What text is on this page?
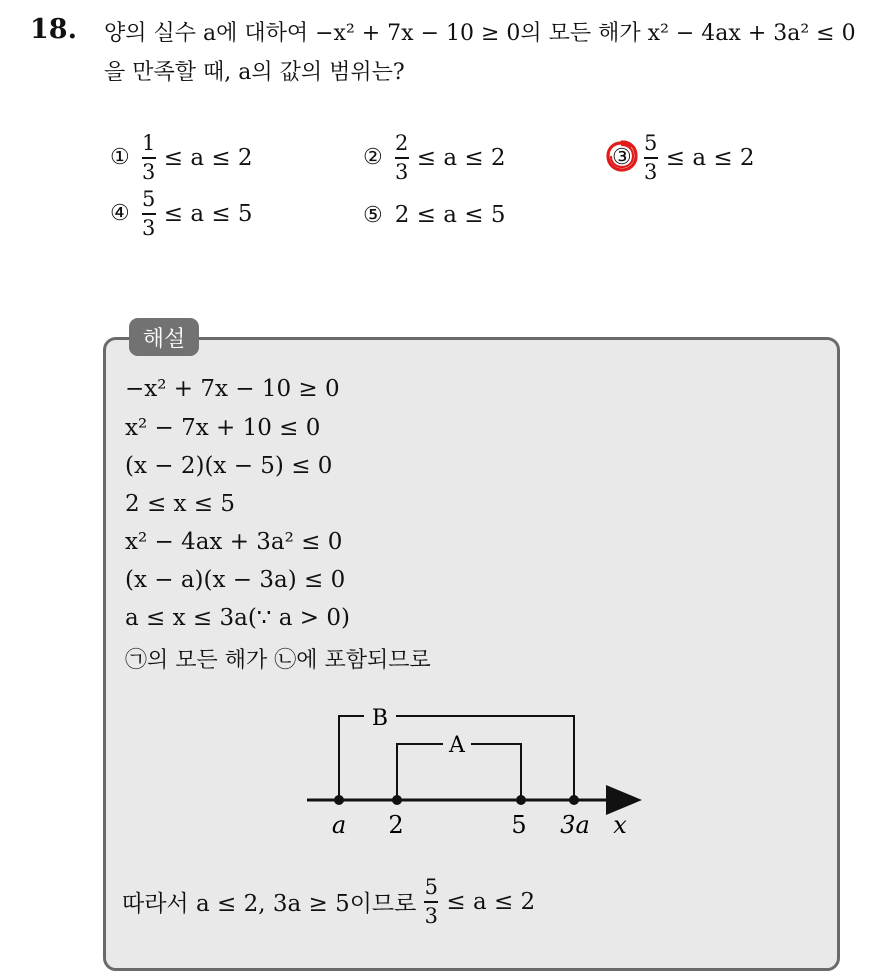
18. 양의 실수 a에 대하여 −x² + 7x − 10 ≥ 0의 모든 해가 x² − 4ax + 3a² ≤ 0
을 만족할 때, a의 값의 범위는?
① $\frac{1}{3} \le a \le 2$	② $\frac{2}{3} \le a \le 2$	③ $\frac{5}{3} \le a \le 2$
④ $\frac{5}{3} \le a \le 5$	⑤ 2 ≤ a ≤ 5
해설
−x² + 7x − 10 ≥ 0
x² − 7x + 10 ≤ 0
(x − 2)(x − 5) ≤ 0
2 ≤ x ≤ 5
x² − 4ax + 3a² ≤ 0
(x − a)(x − 3a) ≤ 0
a ≤ x ≤ 3a(∵ a > 0)
㉠의 모든 해가 ㉡에 포함되므로
B
A
a 2	5 3a x
따라서 a ≤ 2, 3a ≥ 5이므로 $\frac{5}{3} \le a \le 2$
